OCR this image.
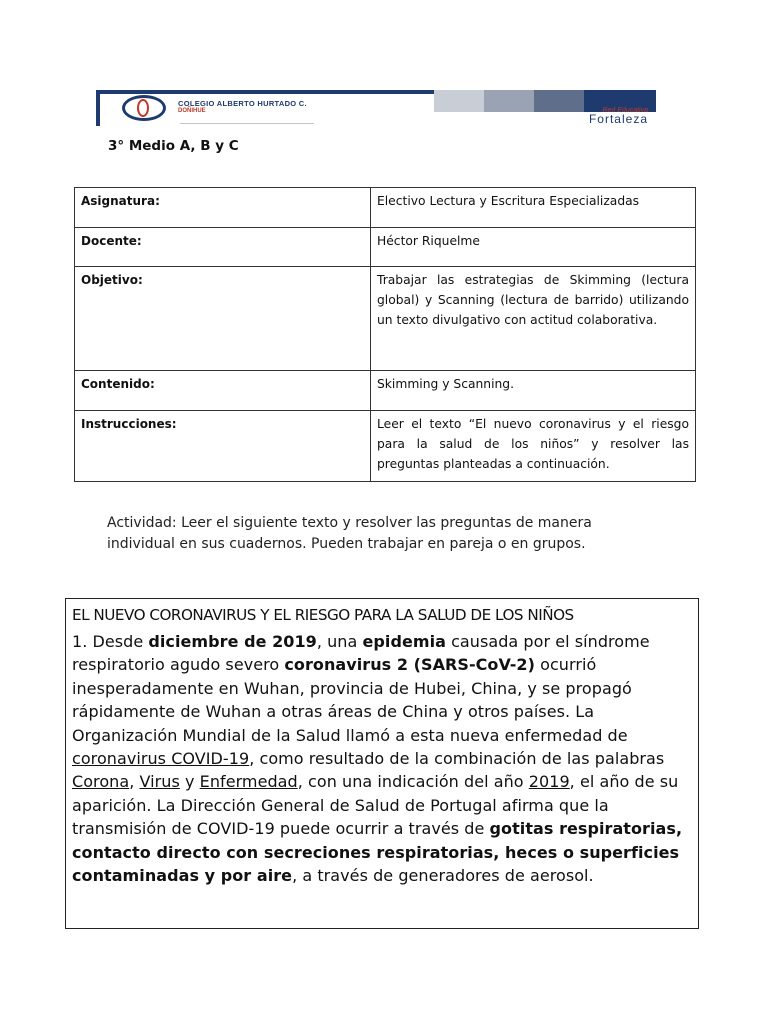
COLEGIO ALBERTO HURTADO C.
DOÑIHUE	Red Educativa
Fortaleza
3° Medio A, B y C
Asignatura:	Electivo Lectura y Escritura Especializadas
Docente:	Héctor Riquelme
Objetivo:	Trabajar las estrategias de Skimming (lectura global) y Scanning (lectura de barrido) utilizando un texto divulgativo con actitud colaborativa.
Contenido:	Skimming y Scanning.
Instrucciones:	Leer el texto “El nuevo coronavirus y el riesgo para la salud de los niños” y resolver las preguntas planteadas a continuación.
Actividad: Leer el siguiente texto y resolver las preguntas de manera individual en sus cuadernos. Pueden trabajar en pareja o en grupos.
EL NUEVO CORONAVIRUS Y EL RIESGO PARA LA SALUD DE LOS NIÑOS

1. Desde diciembre de 2019, una epidemia causada por el síndrome respiratorio agudo severo coronavirus 2 (SARS-CoV-2) ocurrió inesperadamente en Wuhan, provincia de Hubei, China, y se propagó rápidamente de Wuhan a otras áreas de China y otros países. La Organización Mundial de la Salud llamó a esta nueva enfermedad de coronavirus COVID-19, como resultado de la combinación de las palabras Corona, Virus y Enfermedad, con una indicación del año 2019, el año de su aparición. La Dirección General de Salud de Portugal afirma que la transmisión de COVID-19 puede ocurrir a través de gotitas respiratorias, contacto directo con secreciones respiratorias, heces o superficies contaminadas y por aire, a través de generadores de aerosol.
